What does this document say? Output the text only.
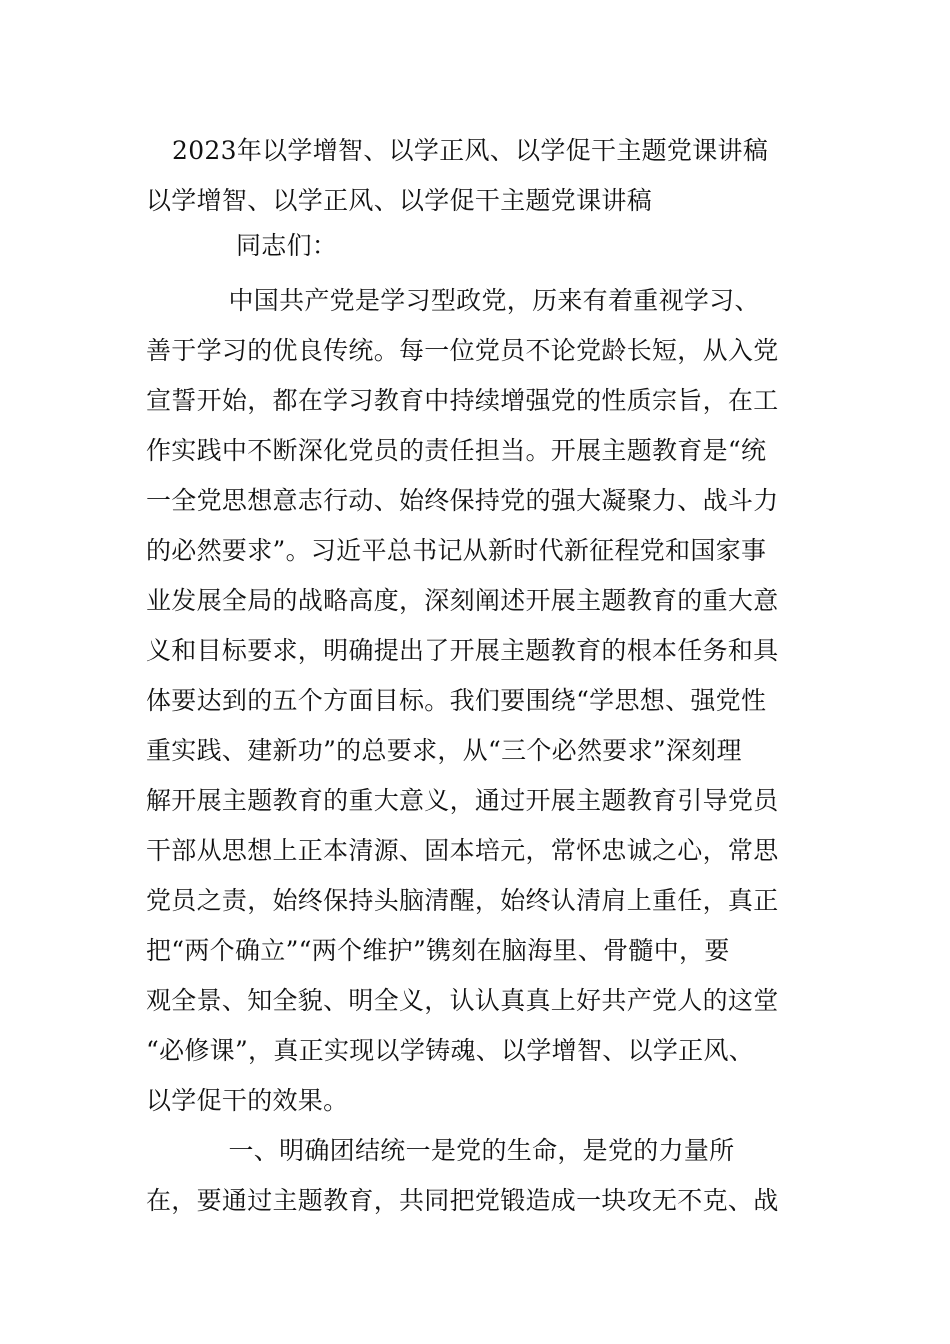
2023年以学增智、以学正风、以学促干主题党课讲稿
以学增智、以学正风、以学促干主题党课讲稿
同志们：
中国共产党是学习型政党，历来有着重视学习、
善于学习的优良传统。每一位党员不论党龄长短，从入党
宣誓开始，都在学习教育中持续增强党的性质宗旨，在工
作实践中不断深化党员的责任担当。开展主题教育是“统
一全党思想意志行动、始终保持党的强大凝聚力、战斗力
的必然要求”。习近平总书记从新时代新征程党和国家事
业发展全局的战略高度，深刻阐述开展主题教育的重大意
义和目标要求，明确提出了开展主题教育的根本任务和具
体要达到的五个方面目标。我们要围绕“学思想、强党性
重实践、建新功”的总要求，从“三个必然要求”深刻理
解开展主题教育的重大意义，通过开展主题教育引导党员
干部从思想上正本清源、固本培元，常怀忠诚之心，常思
党员之责，始终保持头脑清醒，始终认清肩上重任，真正
把“两个确立”“两个维护”镌刻在脑海里、骨髓中，要
观全景、知全貌、明全义，认认真真上好共产党人的这堂
“必修课”，真正实现以学铸魂、以学增智、以学正风、
以学促干的效果。
一、明确团结统一是党的生命，是党的力量所
在，要通过主题教育，共同把党锻造成一块攻无不克、战
